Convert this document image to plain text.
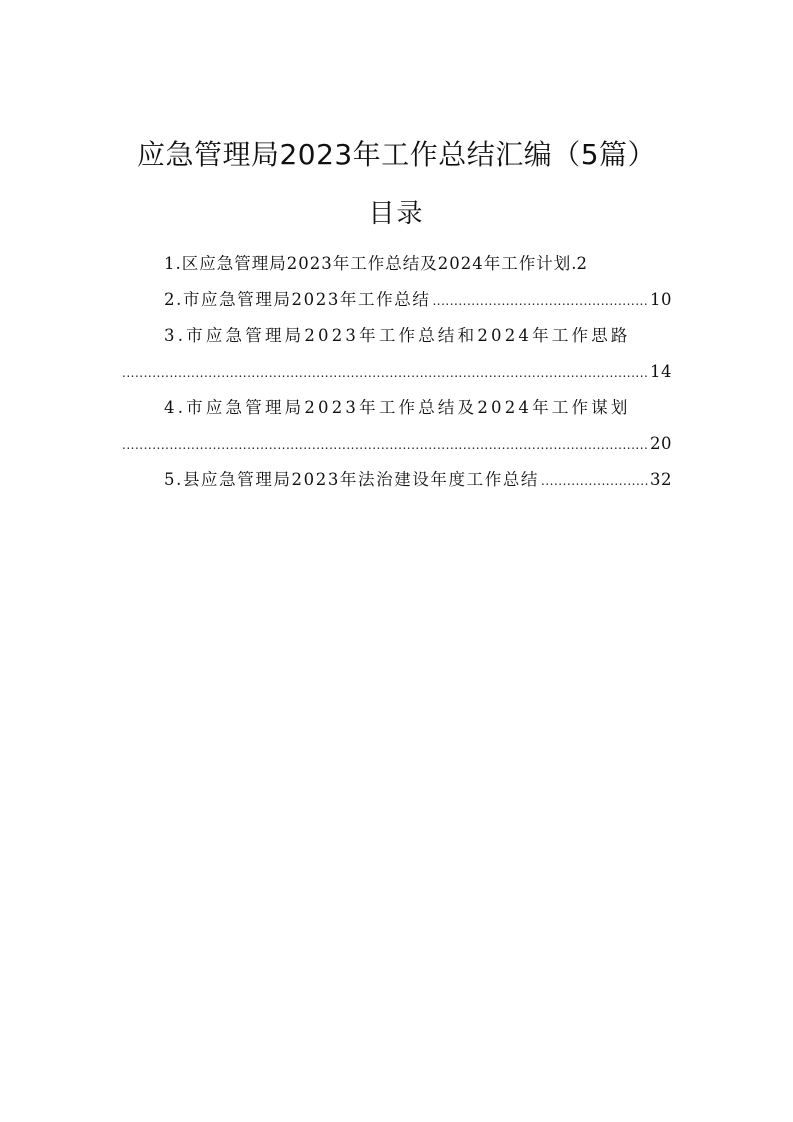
应急管理局2023年工作总结汇编（5篇）
目录
1.区应急管理局2023年工作总结及2024年工作计划 . 2
2.市应急管理局2023年工作总结 .....	10
3.市应急管理局2023年工作总结和2024年工作思路
.....
14
4.市应急管理局2023年工作总结及2024年工作谋划
.....
20
5.县应急管理局2023年法治建设年度工作总结 .....	32
